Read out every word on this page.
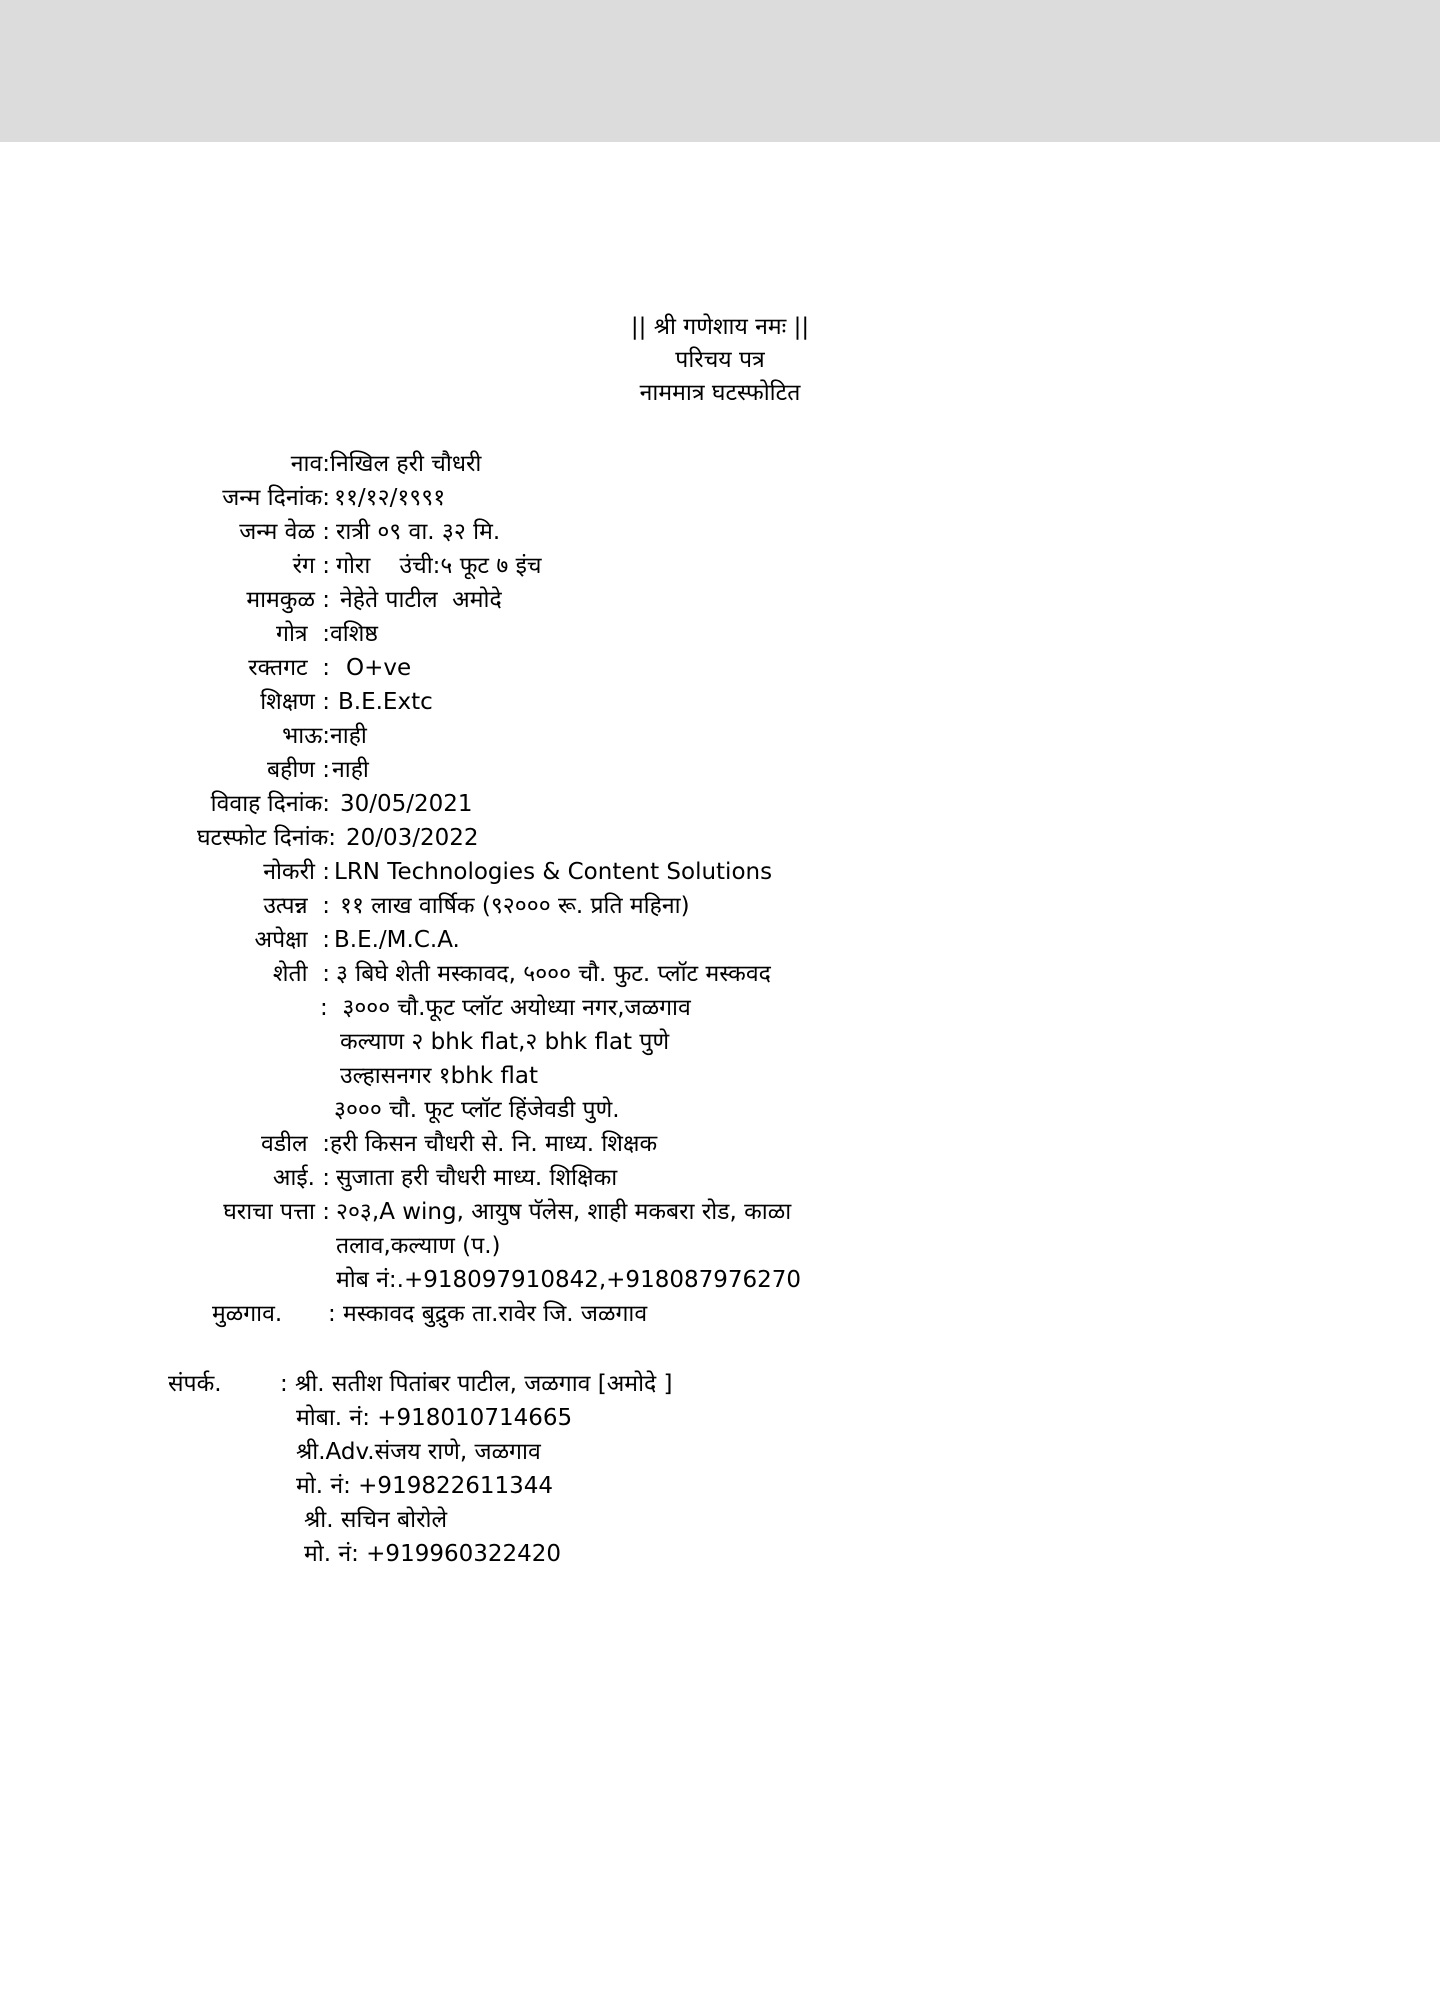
|| श्री गणेशाय नमः ||
परिचय पत्र
नाममात्र घटस्फोटित
नाव: निखिल हरी चौधरी
जन्म दिनांक: ११/१२/१९९१
जन्म वेळ : रात्री ०९ वा. ३२ मि.
रंग : गोरा    उंची:५ फूट ७ इंच
मामकुळ : नेहेते पाटील  अमोदे
गोत्र  : वशिष्ठ
रक्तगट  : O+ve
शिक्षण : B.E.Extc
भाऊ: नाही
बहीण : नाही
विवाह दिनांक: 30/05/2021
घटस्फोट दिनांक: 20/03/2022
नोकरी : LRN Technologies & Content Solutions
उत्पन्न  : ११ लाख वार्षिक (९२००० रू. प्रति महिना)
अपेक्षा  : B.E./M.C.A.
शेती  : ३ बिघे शेती मस्कावद, ५००० चौ. फुट. प्लॉट मस्कवद
:  ३००० चौ.फूट प्लॉट अयोध्या नगर,जळगाव
कल्याण २ bhk flat,२ bhk flat पुणे
उल्हासनगर १bhk flat
३००० चौ. फूट प्लॉट हिंजेवडी पुणे.
वडील  : हरी किसन चौधरी से. नि. माध्य. शिक्षक
आई. : सुजाता हरी चौधरी माध्य. शिक्षिका
घराचा पत्ता : २०३,A wing, आयुष पॅलेस, शाही मकबरा रोड, काळा
तलाव,कल्याण (प.)
मोब नं:.+918097910842,+918087976270
मुळगाव. : मस्कावद बुद्रुक ता.रावेर जि. जळगाव
संपर्क.	: श्री. सतीश पितांबर पाटील, जळगाव [अमोदे ]
मोबा. नं: +918010714665
श्री.Adv.संजय राणे, जळगाव
मो. नं: +919822611344
श्री. सचिन बोरोले
मो. नं: +919960322420
